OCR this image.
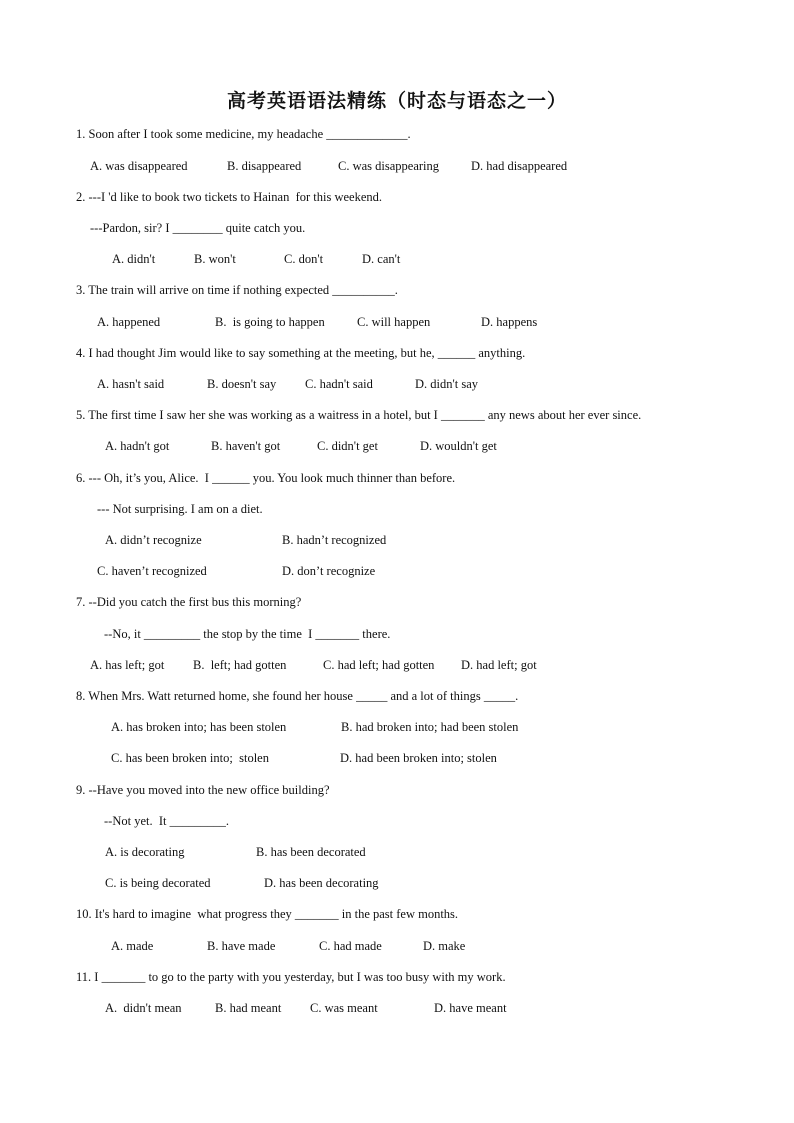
高考英语语法精练（时态与语态之一）
1. Soon after I took some medicine, my headache _____________.
A. was disappeared	B. disappeared	C. was disappearing	D. had disappeared
2. ---I 'd like to book two tickets to Hainan  for this weekend.
---Pardon, sir? I ________ quite catch you.
A. didn't	B. won't	C. don't	D. can't
3. The train will arrive on time if nothing expected __________.
A. happened	B.  is going to happen	C. will happen	D. happens
4. I had thought Jim would like to say something at the meeting, but he, ______ anything.
A. hasn't said	B. doesn't say C. hadn't said	D. didn't say
5. The first time I saw her she was working as a waitress in a hotel, but I _______ any news about her ever since.
A. hadn't got	B. haven't got	C. didn't get	D. wouldn't get
6. --- Oh, it’s you, Alice.  I ______ you. You look much thinner than before.
--- Not surprising. I am on a diet.
A. didn’t recognize	B. hadn’t recognized
C. haven’t recognized	D. don’t recognize
7. --Did you catch the first bus this morning?
--No, it _________ the stop by the time  I _______ there.
A. has left; got B.  left; had gotten	C. had left; had gotten D. had left; got
8. When Mrs. Watt returned home, she found her house _____ and a lot of things _____.
A. has broken into; has been stolen	B. had broken into; had been stolen
C. has been broken into;  stolen	D. had been broken into; stolen
9. --Have you moved into the new office building?
--Not yet.  It _________.
A. is decorating	B. has been decorated
C. is being decorated	D. has been decorating
10. It's hard to imagine  what progress they _______ in the past few months.
A. made	B. have made	C. had made	D. make
11. I _______ to go to the party with you yesterday, but I was too busy with my work.
A.  didn't mean	B. had meant C. was meant	D. have meant
